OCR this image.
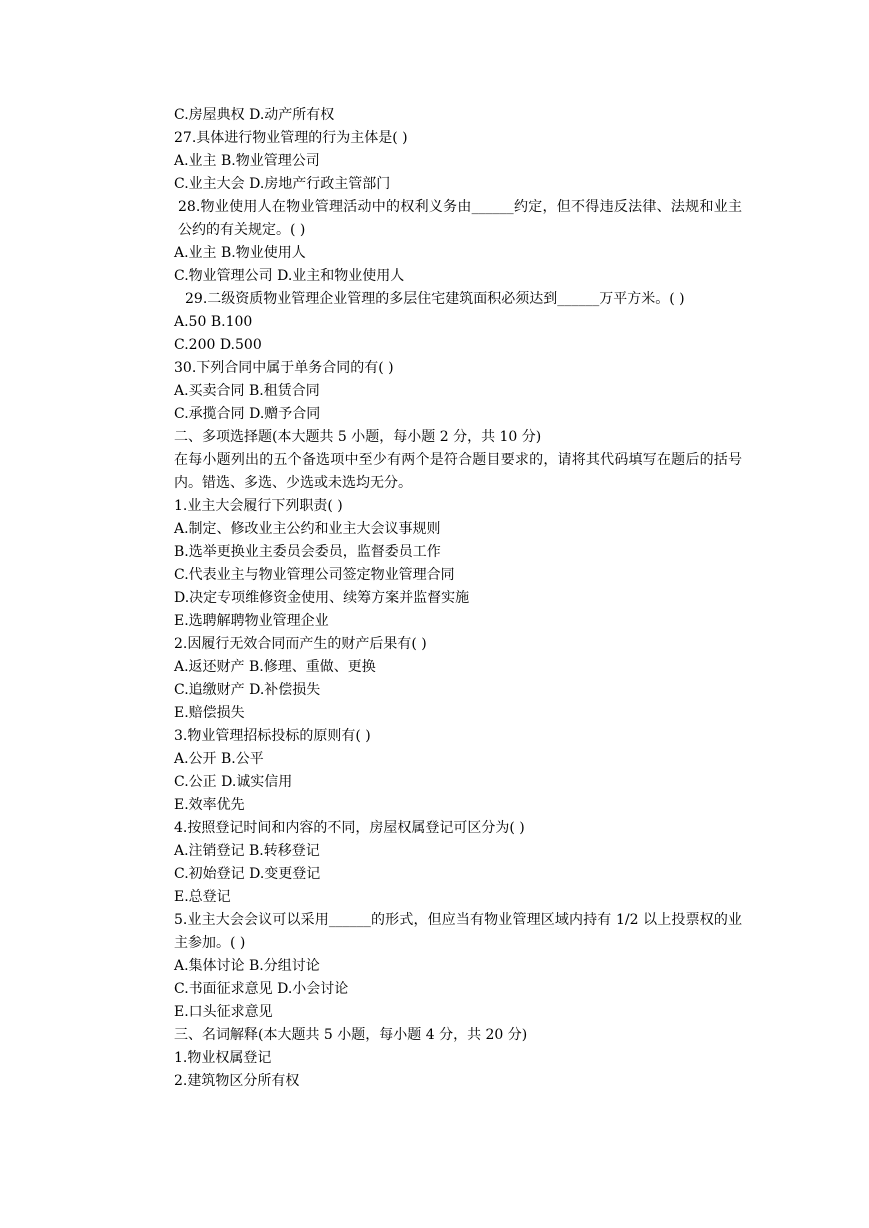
C.房屋典权 D.动产所有权
27.具体进行物业管理的行为主体是( )
A.业主 B.物业管理公司
C.业主大会 D.房地产行政主管部门
28.物业使用人在物业管理活动中的权利义务由______约定，但不得违反法律、法规和业主公约的有关规定。( )
A.业主 B.物业使用人
C.物业管理公司 D.业主和物业使用人
29.二级资质物业管理企业管理的多层住宅建筑面积必须达到______万平方米。( )
A.50 B.100
C.200 D.500
30.下列合同中属于单务合同的有( )
A.买卖合同 B.租赁合同
C.承揽合同 D.赠予合同
二、多项选择题(本大题共 5 小题，每小题 2 分，共 10 分)
在每小题列出的五个备选项中至少有两个是符合题目要求的，请将其代码填写在题后的括号内。错选、多选、少选或未选均无分。
1.业主大会履行下列职责( )
A.制定、修改业主公约和业主大会议事规则
B.选举更换业主委员会委员，监督委员工作
C.代表业主与物业管理公司签定物业管理合同
D.决定专项维修资金使用、续筹方案并监督实施
E.选聘解聘物业管理企业
2.因履行无效合同而产生的财产后果有( )
A.返还财产 B.修理、重做、更换
C.追缴财产 D.补偿损失
E.赔偿损失
3.物业管理招标投标的原则有( )
A.公开 B.公平
C.公正 D.诚实信用
E.效率优先
4.按照登记时间和内容的不同，房屋权属登记可区分为( )
A.注销登记 B.转移登记
C.初始登记 D.变更登记
E.总登记
5.业主大会会议可以采用______的形式，但应当有物业管理区域内持有 1/2 以上投票权的业主参加。( )
A.集体讨论 B.分组讨论
C.书面征求意见 D.小会讨论
E.口头征求意见
三、名词解释(本大题共 5 小题，每小题 4 分，共 20 分)
1.物业权属登记
2.建筑物区分所有权
